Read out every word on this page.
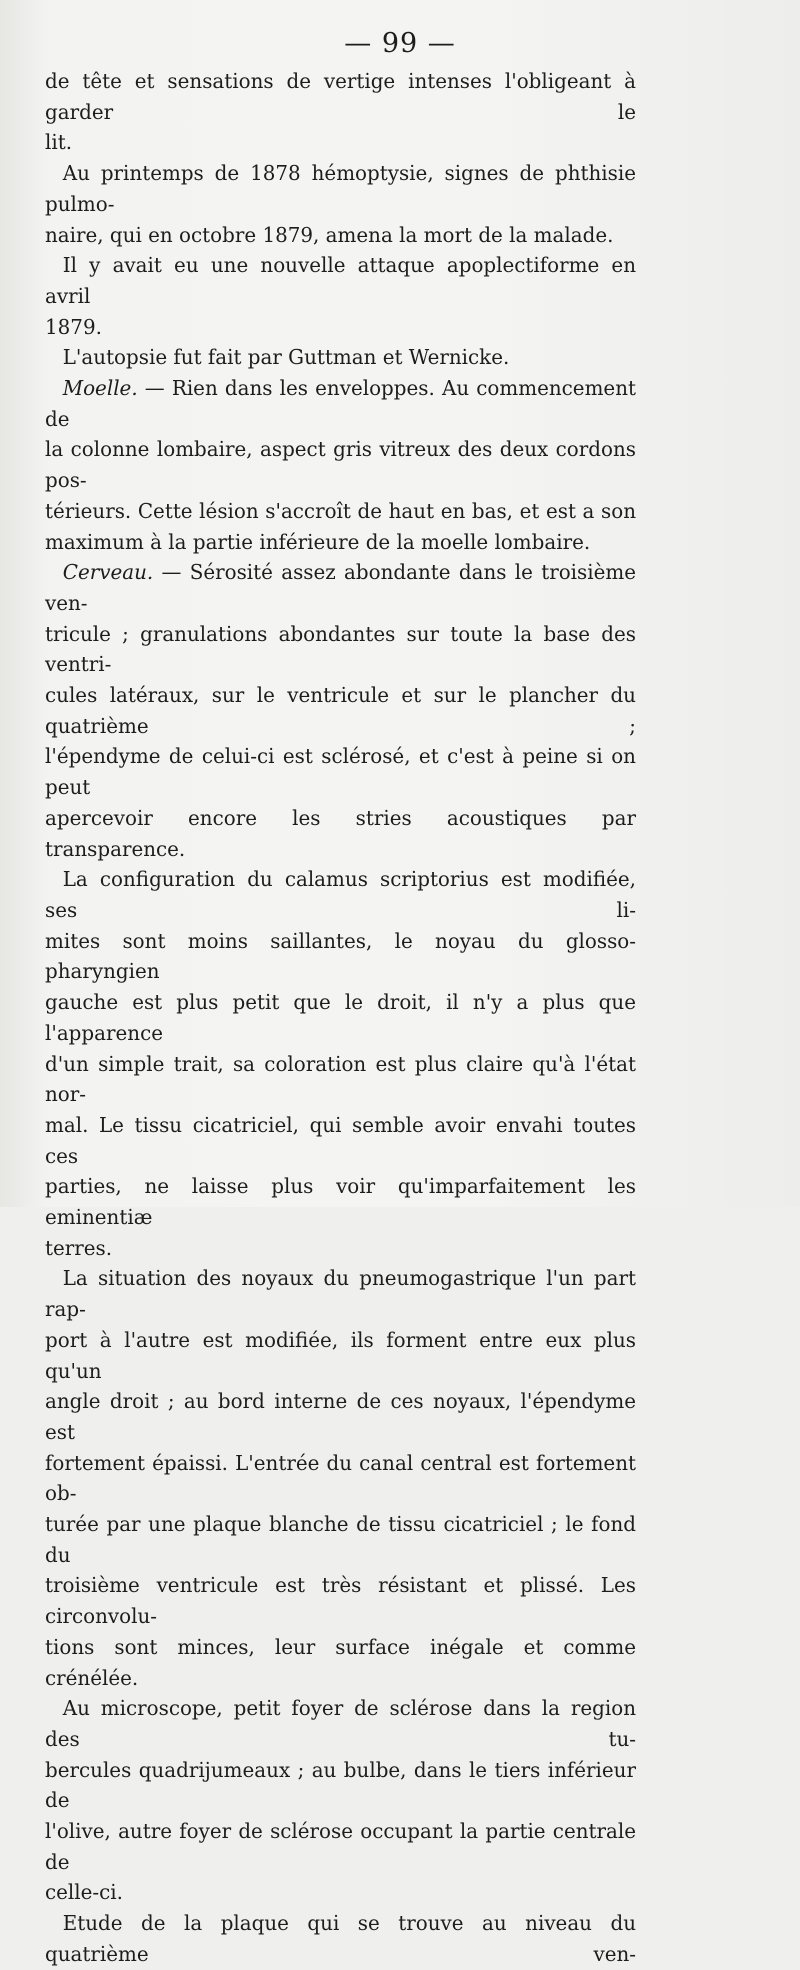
— 99 —

de tête et sensations de vertige intenses l'obligeant à garder le
lit.

Au printemps de 1878 hémoptysie, signes de phthisie pulmo-
naire, qui en octobre 1879, amena la mort de la malade.

Il y avait eu une nouvelle attaque apoplectiforme en avril
1879.

L'autopsie fut fait par Guttman et Wernicke.

Moelle. — Rien dans les enveloppes. Au commencement de
la colonne lombaire, aspect gris vitreux des deux cordons pos-
térieurs. Cette lésion s'accroît de haut en bas, et est a son
maximum à la partie inférieure de la moelle lombaire.

Cerveau. — Sérosité assez abondante dans le troisième ven-
tricule ; granulations abondantes sur toute la base des ventri-
cules latéraux, sur le ventricule et sur le plancher du quatrième ;
l'épendyme de celui-ci est sclérosé, et c'est à peine si on peut
apercevoir encore les stries acoustiques par transparence.

La configuration du calamus scriptorius est modifiée, ses li-
mites sont moins saillantes, le noyau du glosso-pharyngien
gauche est plus petit que le droit, il n'y a plus que l'apparence
d'un simple trait, sa coloration est plus claire qu'à l'état nor-
mal. Le tissu cicatriciel, qui semble avoir envahi toutes ces
parties, ne laisse plus voir qu'imparfaitement les eminentiæ
terres.

La situation des noyaux du pneumogastrique l'un part rap-
port à l'autre est modifiée, ils forment entre eux plus qu'un
angle droit ; au bord interne de ces noyaux, l'épendyme est
fortement épaissi. L'entrée du canal central est fortement ob-
turée par une plaque blanche de tissu cicatriciel ; le fond du
troisième ventricule est très résistant et plissé. Les circonvolu-
tions sont minces, leur surface inégale et comme crénélée.

Au microscope, petit foyer de sclérose dans la region des tu-
bercules quadrijumeaux ; au bulbe, dans le tiers inférieur de
l'olive, autre foyer de sclérose occupant la partie centrale de
celle-ci.

Etude de la plaque qui se trouve au niveau du quatrième ven-
